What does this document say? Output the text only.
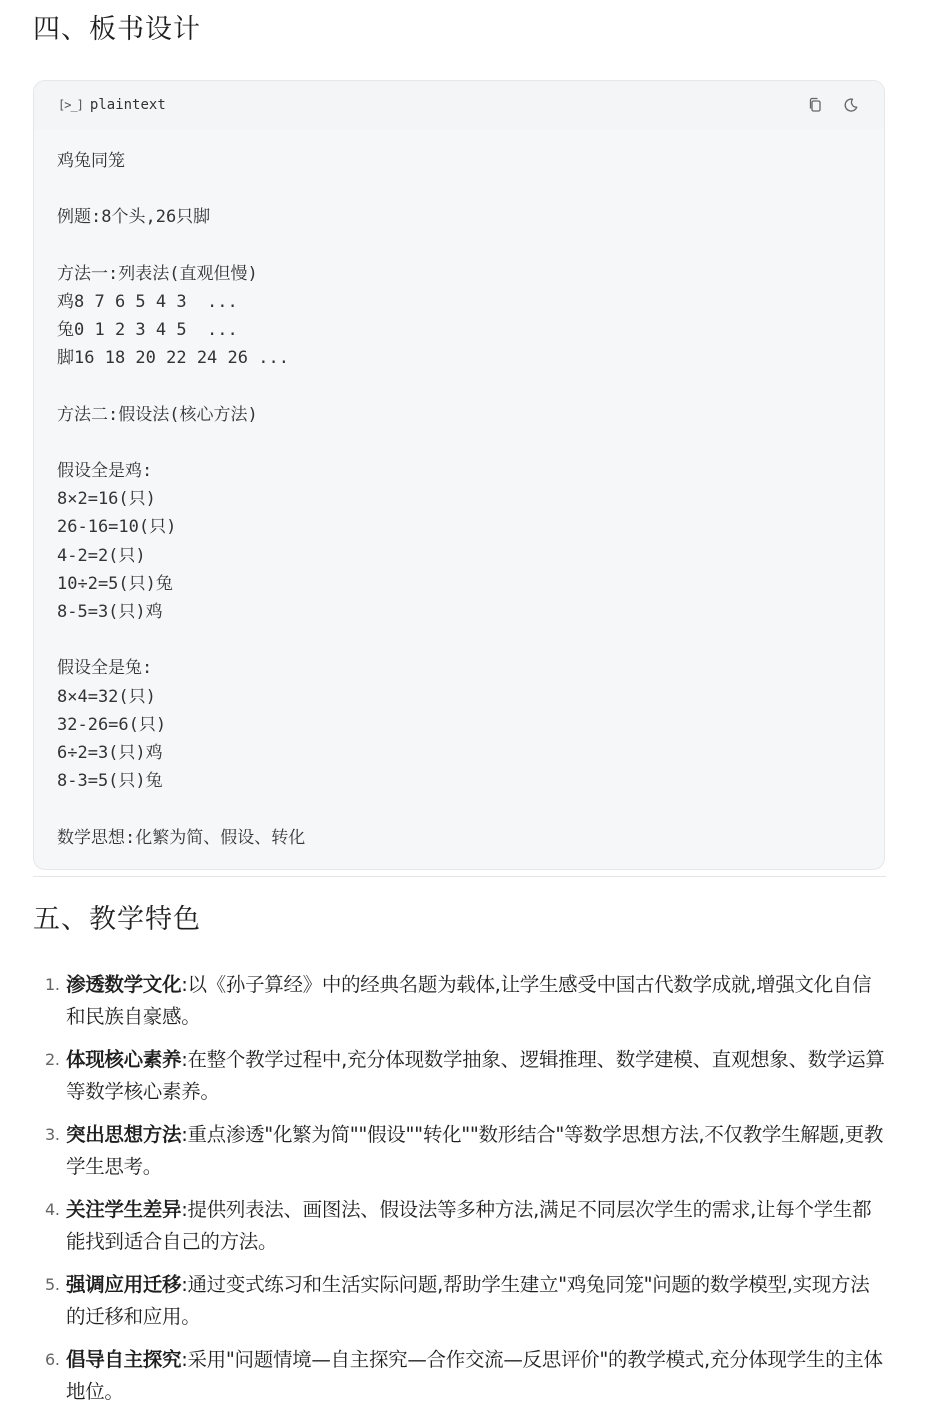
四、板书设计
[>_] plaintext
鸡兔同笼
例题:8个头,26只脚
方法一:列表法(直观但慢)
鸡8 7 6 5 4 3  ...
兔0 1 2 3 4 5  ...
脚16 18 20 22 24 26 ...
方法二:假设法(核心方法)
假设全是鸡:
8×2=16(只)
26-16=10(只)
4-2=2(只)
10÷2=5(只)兔
8-5=3(只)鸡
假设全是兔:
8×4=32(只)
32-26=6(只)
6÷2=3(只)鸡
8-3=5(只)兔
数学思想:化繁为简、假设、转化
五、教学特色
1. 渗透数学文化:以《孙子算经》中的经典名题为载体,让学生感受中国古代数学成就,增强文化自信和民族自豪感。
2. 体现核心素养:在整个教学过程中,充分体现数学抽象、逻辑推理、数学建模、直观想象、数学运算等数学核心素养。
3. 突出思想方法:重点渗透"化繁为简""假设""转化""数形结合"等数学思想方法,不仅教学生解题,更教学生思考。
4. 关注学生差异:提供列表法、画图法、假设法等多种方法,满足不同层次学生的需求,让每个学生都能找到适合自己的方法。
5. 强调应用迁移:通过变式练习和生活实际问题,帮助学生建立"鸡兔同笼"问题的数学模型,实现方法的迁移和应用。
6. 倡导自主探究:采用"问题情境—自主探究—合作交流—反思评价"的教学模式,充分体现学生的主体地位。
